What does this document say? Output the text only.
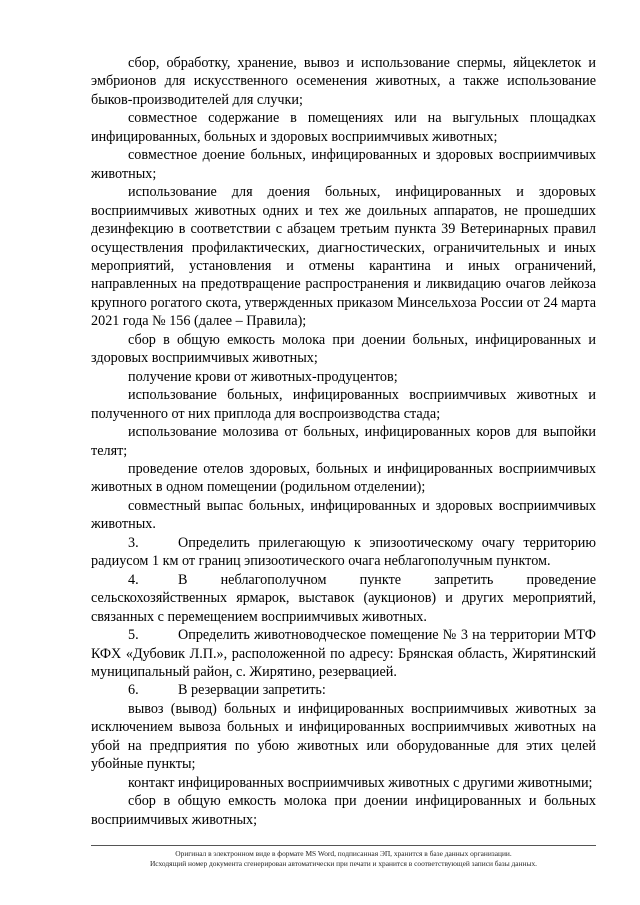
сбор, обработку, хранение, вывоз и использование спермы, яйцеклеток и эмбрионов для искусственного осеменения животных, а также использование быков-производителей для случки;

совместное содержание в помещениях или на выгульных площадках инфицированных, больных и здоровых восприимчивых животных;

совместное доение больных, инфицированных и здоровых восприимчивых животных;

использование для доения больных, инфицированных и здоровых восприимчивых животных одних и тех же доильных аппаратов, не прошедших дезинфекцию в соответствии с абзацем третьим пункта 39 Ветеринарных правил осуществления профилактических, диагностических, ограничительных и иных мероприятий, установления и отмены карантина и иных ограничений, направленных на предотвращение распространения и ликвидацию очагов лейкоза крупного рогатого скота, утвержденных приказом Минсельхоза России от 24 марта 2021 года № 156 (далее – Правила);

сбор в общую емкость молока при доении больных, инфицированных и здоровых восприимчивых животных;

получение крови от животных-продуцентов;

использование больных, инфицированных восприимчивых животных и полученного от них приплода для воспроизводства стада;

использование молозива от больных, инфицированных коров для выпойки телят;

проведение отелов здоровых, больных и инфицированных восприимчивых животных в одном помещении (родильном отделении);

совместный выпас больных, инфицированных и здоровых восприимчивых животных.

3.	Определить прилегающую к эпизоотическому очагу территорию радиусом 1 км от границ эпизоотического очага неблагополучным пунктом.

4.	В неблагополучном пункте запретить проведение сельскохозяйственных ярмарок, выставок (аукционов) и других мероприятий, связанных с перемещением восприимчивых животных.

5.	Определить животноводческое помещение № 3 на территории МТФ КФХ «Дубовик Л.П.», расположенной по адресу: Брянская область, Жирятинский муниципальный район, с. Жирятино, резервацией.

6.	В резервации запретить:

вывоз (вывод) больных и инфицированных восприимчивых животных за исключением вывоза больных и инфицированных восприимчивых животных на убой на предприятия по убою животных или оборудованные для этих целей убойные пункты;

контакт инфицированных восприимчивых животных с другими животными;

сбор в общую емкость молока при доении инфицированных и больных восприимчивых животных;

Оригинал в электронном виде в формате MS Word, подписанная ЭП, хранится в базе данных организации.

Исходящий номер документа сгенерирован автоматически при печати и хранится в соответствующей записи базы данных.
